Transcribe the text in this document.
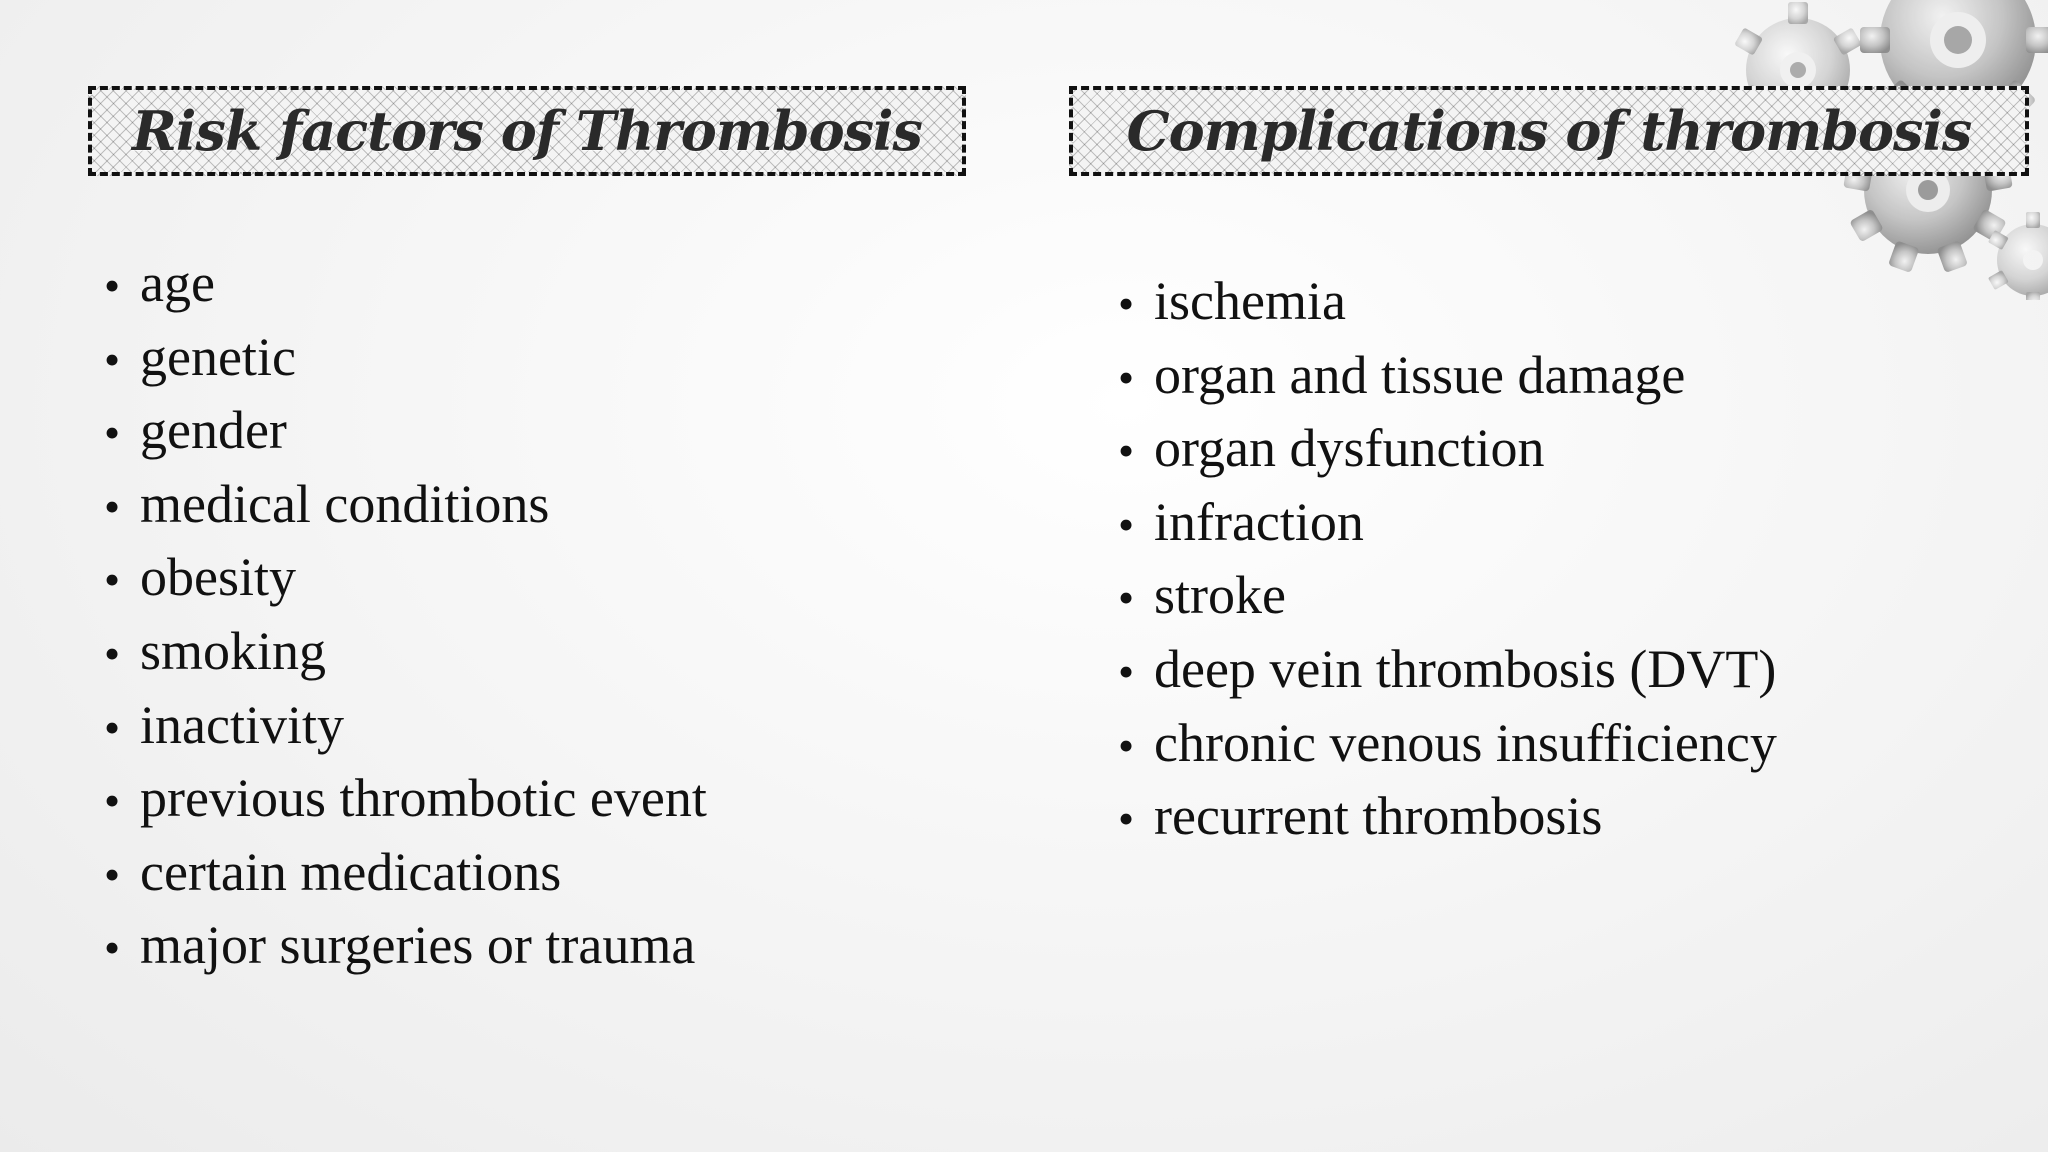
Risk factors of Thrombosis	Complications of thrombosis
• age
• genetic
• gender
• medical conditions
• obesity
• smoking
• inactivity
• previous thrombotic event
• certain medications
• major surgeries or trauma
• ischemia
• organ and tissue damage
• organ dysfunction
• infraction
• stroke
• deep vein thrombosis (DVT)
• chronic venous insufficiency
• recurrent thrombosis
